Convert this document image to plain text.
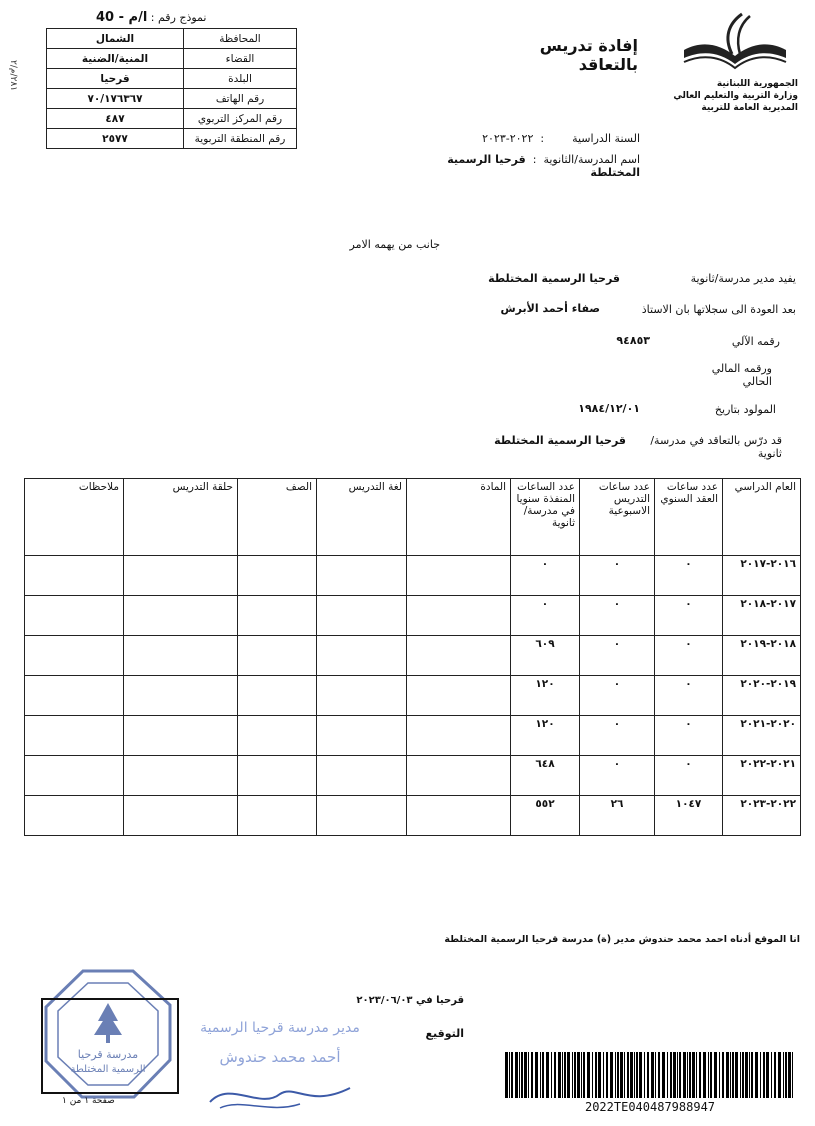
نموذج رقم : ا/م - 40
٢٨١/م/٢
المحافظة	الشمال
القضاء	المنية/الضنية
البلدة	قرحيا
رقم الهاتف	٧٠/١٧٦٣٦٧
رقم المركز التربوي	٤٨٧
رقم المنطقة التربوية	٢٥٧٧
إفادة تدريس بالتعاقد
الجمهورية اللبنانية
وزارة التربية والتعليم العالي
المديرية العامة للتربية
السنة الدراسية        :  ٢٠٢٢-٢٠٢٣
اسم المدرسة/الثانوية  :  قرحيا الرسمية المختلطة
جانب من يهمه الامر
يفيد مدير مدرسة/ثانوية
قرحيا الرسمية المختلطة
بعد العودة الى سجلاتها بان الاستاذ
صفاء أحمد الأبرش
رقمه الآلي
٩٤٨٥٣
ورقمه المالي
الحالي
المولود بتاريخ
١٩٨٤/١٢/٠١
قد درّس بالتعاقد في مدرسة/ ثانوية
قرحيا الرسمية المختلطة
العام الدراسي	عدد ساعات العقد السنوي	عدد ساعات التدريس الاسبوعية	عدد الساعات المنفذة سنويا في مدرسة/ثانوية	المادة	لغة التدريس	الصف	حلقة التدريس	ملاحظات
٢٠١٦-٢٠١٧	٠	٠	٠					
٢٠١٧-٢٠١٨	٠	٠	٠					
٢٠١٨-٢٠١٩	٠	٠	٦٠٩					
٢٠١٩-٢٠٢٠	٠	٠	١٢٠					
٢٠٢٠-٢٠٢١	٠	٠	١٢٠					
٢٠٢١-٢٠٢٢	٠	٠	٦٤٨					
٢٠٢٢-٢٠٢٣	١٠٤٧	٢٦	٥٥٢					
انا الموقع أدناه احمد محمد حندوش مدير (ة) مدرسة قرحيا الرسمية المختلطة
قرحيا في ٢٠٢٣/٠٦/٠٣
التوقيع
مدرسة قرحيا
الرسمية المختلطة
مدير مدرسة قرحيا الرسمية
أحمد محمد حندوش
صفحة ١ من ١	2022TE040487988947
